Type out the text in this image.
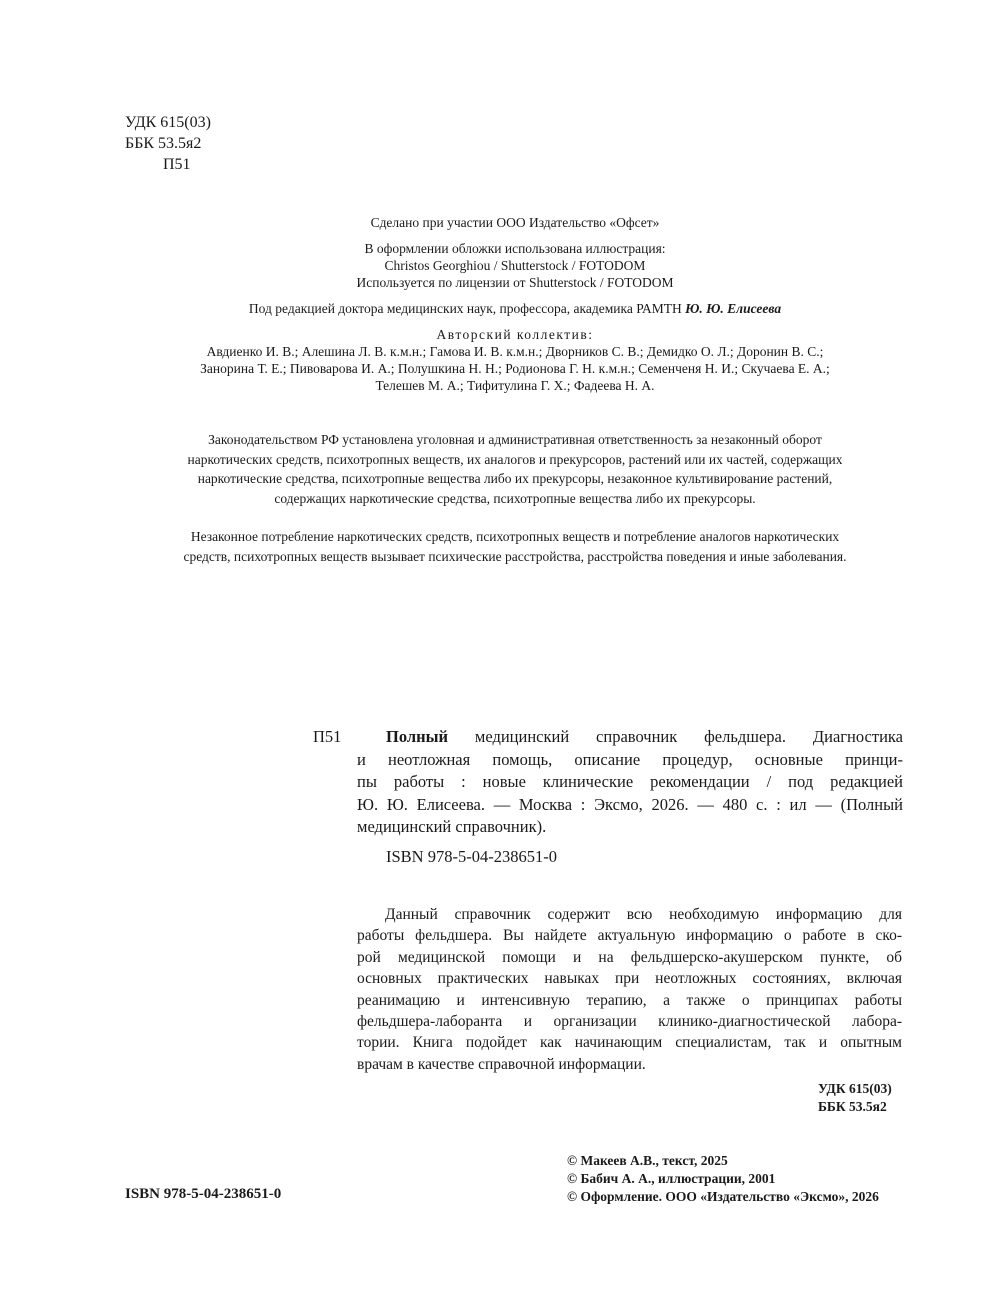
УДК 615(03)
ББК 53.5я2
П51
Сделано при участии ООО Издательство «Офсет»
В оформлении обложки использована иллюстрация:
Christos Georghiou / Shutterstock / FOTODOM
Используется по лицензии от Shutterstock / FOTODOM
Под редакцией доктора медицинских наук, профессора, академика РАМТН Ю. Ю. Елисеева
Авторский коллектив:
Авдиенко И. В.; Алешина Л. В. к.м.н.; Гамова И. В. к.м.н.; Дворников С. В.; Демидко О. Л.; Доронин В. С.;
Занорина Т. Е.; Пивоварова И. А.; Полушкина Н. Н.; Родионова Г. Н. к.м.н.; Семенченя Н. И.; Скучаева Е. А.;
Телешев М. А.; Тифитулина Г. Х.; Фадеева Н. А.
Законодательством РФ установлена уголовная и административная ответственность за незаконный оборот
наркотических средств, психотропных веществ, их аналогов и прекурсоров, растений или их частей, содержащих
наркотические средства, психотропные вещества либо их прекурсоры, незаконное культивирование растений,
содержащих наркотические средства, психотропные вещества либо их прекурсоры.
Незаконное потребление наркотических средств, психотропных веществ и потребление аналогов наркотических
средств, психотропных веществ вызывает психические расстройства, расстройства поведения и иные заболевания.
П51	Полный медицинский справочник фельдшера. Диагностика
и неотложная помощь, описание процедур, основные принци-
пы работы : новые клинические рекомендации / под редакцией
Ю. Ю. Елисеева. — Москва : Эксмо, 2026. — 480 с. : ил — (Полный
медицинский справочник).
ISBN 978-5-04-238651-0
Данный справочник содержит всю необходимую информацию для
работы фельдшера. Вы найдете актуальную информацию о работе в ско-
рой медицинской помощи и на фельдшерско-акушерском пункте, об
основных практических навыках при неотложных состояниях, включая
реанимацию и интенсивную терапию, а также о принципах работы
фельдшера-лаборанта и организации клинико-диагностической лабора-
тории. Книга подойдет как начинающим специалистам, так и опытным
врачам в качестве справочной информации.
УДК 615(03)
ББК 53.5я2
© Макеев А.В., текст, 2025
© Бабич А. А., иллюстрации, 2001
© Оформление. ООО «Издательство «Эксмо», 2026
ISBN 978-5-04-238651-0
